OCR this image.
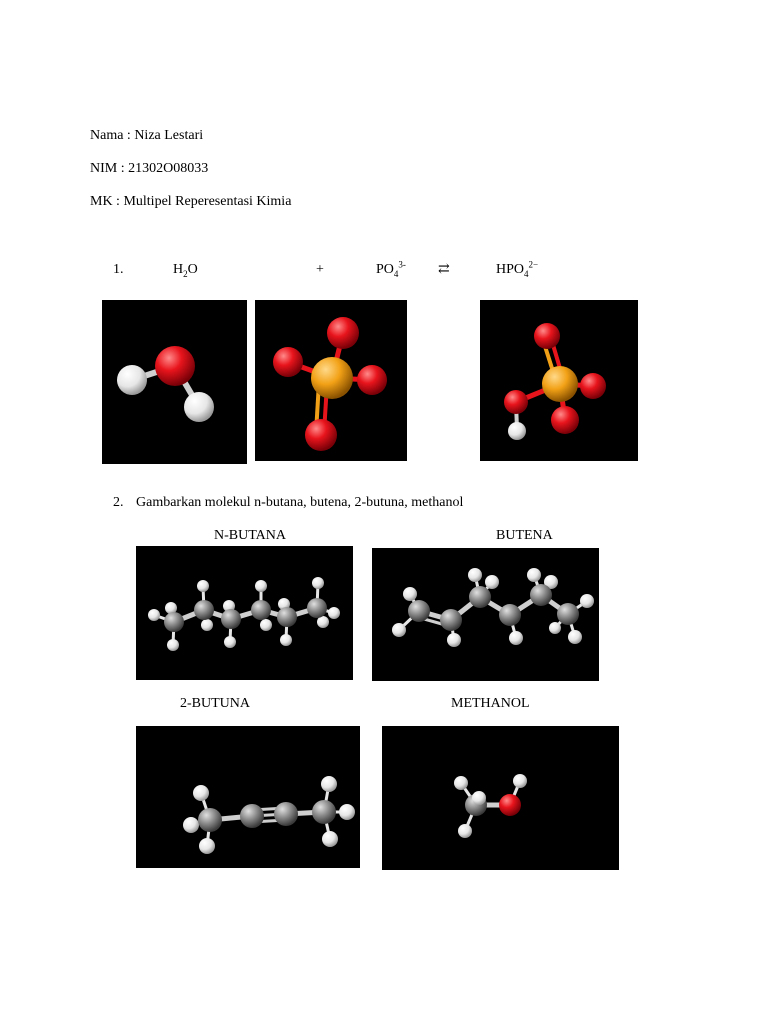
Nama : Niza Lestari
NIM : 21302O08033
MK : Multipel Reperesentasi Kimia
1.	$H_2O$	+	$PO_4^{3-}$ ⇄	$HPO_4^{2-}$
2. Gambarkan molekul n-butana, butena, 2-butuna, methanol
N-BUTANA	BUTENA
2-BUTUNA	METHANOL
